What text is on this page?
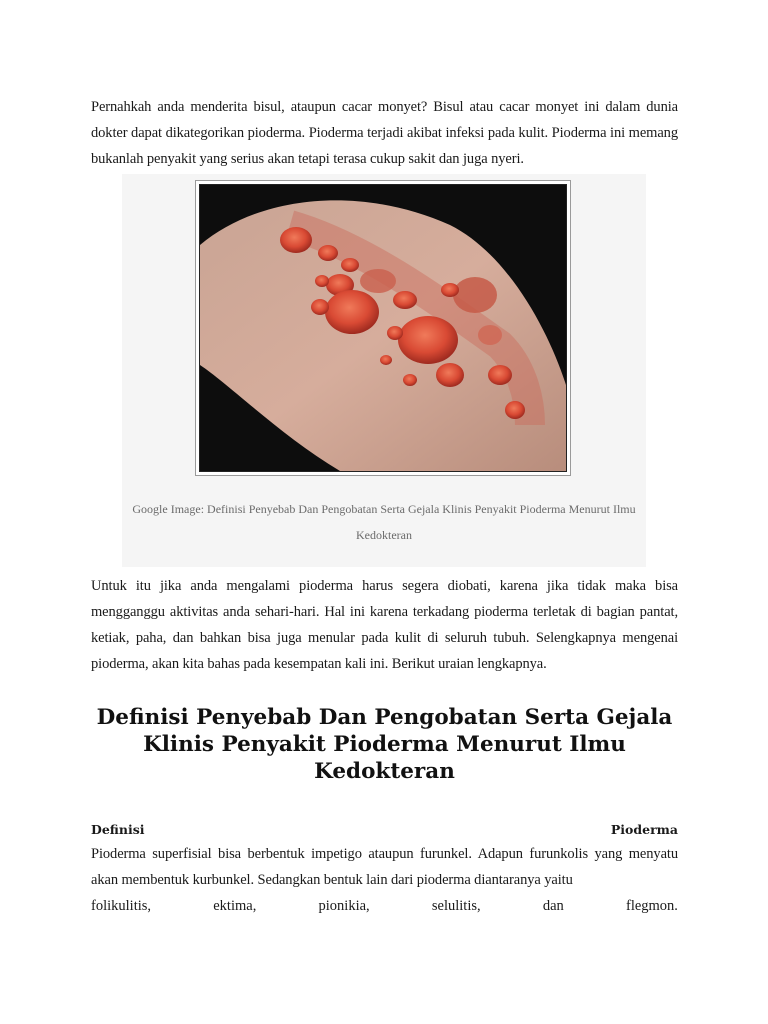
Pernahkah anda menderita bisul, ataupun cacar monyet? Bisul atau cacar monyet ini dalam dunia dokter dapat dikategorikan pioderma. Pioderma terjadi akibat infeksi pada kulit. Pioderma ini memang bukanlah penyakit yang serius akan tetapi terasa cukup sakit dan juga nyeri.

Google Image: Definisi Penyebab Dan Pengobatan Serta Gejala Klinis Penyakit Pioderma Menurut Ilmu Kedokteran

Untuk itu jika anda mengalami pioderma harus segera diobati, karena jika tidak maka bisa mengganggu aktivitas anda sehari-hari. Hal ini karena terkadang pioderma terletak di bagian pantat, ketiak, paha, dan bahkan bisa juga menular pada kulit di seluruh tubuh. Selengkapnya mengenai pioderma, akan kita bahas pada kesempatan kali ini. Berikut uraian lengkapnya.

Definisi Penyebab Dan Pengobatan Serta Gejala Klinis Penyakit Pioderma Menurut Ilmu Kedokteran
Definisi	Pioderma

Pioderma superfisial bisa berbentuk impetigo ataupun furunkel. Adapun furunkolis yang menyatu akan membentuk kurbunkel. Sedangkan bentuk lain dari pioderma diantaranya yaitu

folikulitis,	ektima,	pionikia,	selulitis,	dan	flegmon.
